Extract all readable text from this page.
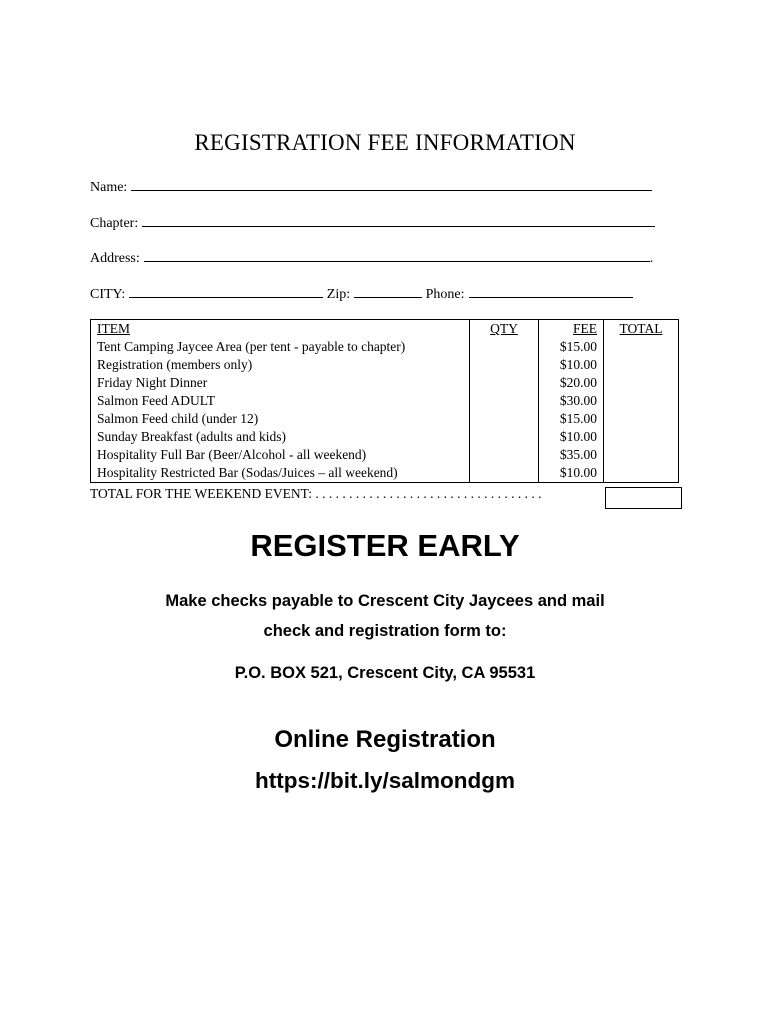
REGISTRATION FEE INFORMATION
Name:
Chapter:
Address:	.
CITY:	Zip:	Phone:
ITEM	QTY	FEE	TOTAL
Tent Camping Jaycee Area (per tent - payable to chapter)		$15.00	
Registration (members only)		$10.00	
Friday Night Dinner		$20.00	
Salmon Feed ADULT		$30.00	
Salmon Feed child (under 12)		$15.00	
Sunday Breakfast (adults and kids)		$10.00	
Hospitality Full Bar (Beer/Alcohol - all weekend)		$35.00	
Hospitality Restricted Bar (Sodas/Juices – all weekend)		$10.00	
TOTAL FOR THE WEEKEND EVENT: . . . . . . . . . . . . . . . . . . . . . . . . . . . . . . . . . .
REGISTER EARLY
Make checks payable to Crescent City Jaycees and mail
check and registration form to:
P.O. BOX 521, Crescent City, CA 95531
Online Registration
https://bit.ly/salmondgm
